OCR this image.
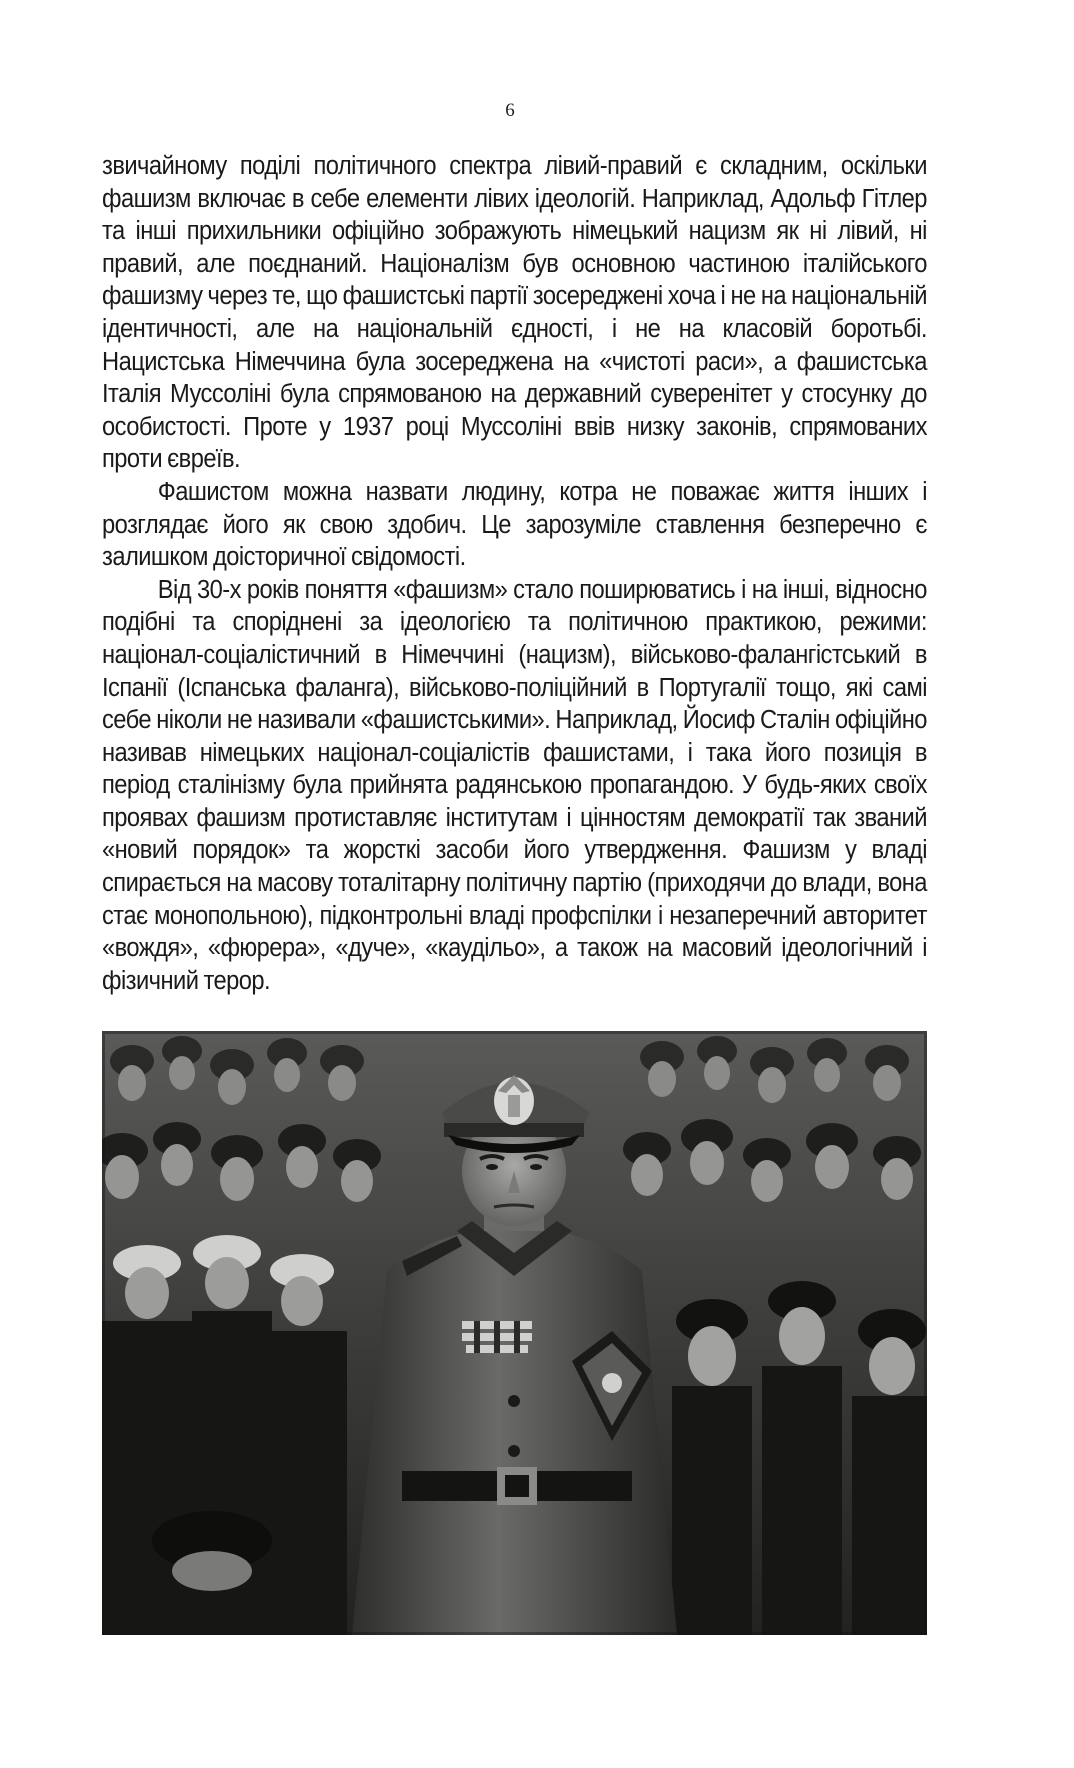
6

звичайному поділі політичного спектра лівий-правий є складним, оскільки фашизм включає в себе елементи лівих ідеологій. Наприклад, Адольф Гітлер та інші прихильники офіційно зображують німецький нацизм як ні лівий, ні правий, але поєднаний. Націоналізм був основною частиною італійського фашизму через те, що фашистські партії зосереджені хоча і не на національній ідентичності, але на національній єдності, і не на класовій боротьбі. Нацистська Німеччина була зосереджена на «чистоті раси», а фашистська Італія Муссоліні була спрямованою на державний суверенітет у стосунку до особистості. Проте у 1937 році Муссоліні ввів низку законів, спрямованих проти євреїв.

Фашистом можна назвати людину, котра не поважає життя інших і розглядає його як свою здобич. Це зарозуміле ставлення безперечно є залишком доісторичної свідомості.

Від 30-х років поняття «фашизм» стало поширюватись і на інші, відносно подібні та споріднені за ідеологією та політичною практикою, режими: націонал-соціалістичний в Німеччині (нацизм), військово-фалангістський в Іспанії (Іспанська фаланга), військово-поліційний в Португалії тощо, які самі себе ніколи не називали «фашистськими». Наприклад, Йосиф Сталін офіційно називав німецьких націонал-соціалістів фашистами, і така його позиція в період сталінізму була прийнята радянською пропагандою. У будь-яких своїх проявах фашизм протиставляє інститутам і цінностям демократії так званий «новий порядок» та жорсткі засоби його утвердження. Фашизм у владі спирається на масову тоталітарну політичну партію (приходячи до влади, вона стає монопольною), підконтрольні владі профспілки і незаперечний авторитет «вождя», «фюрера», «дуче», «каудільо», а також на масовий ідеологічний і фізичний терор.
